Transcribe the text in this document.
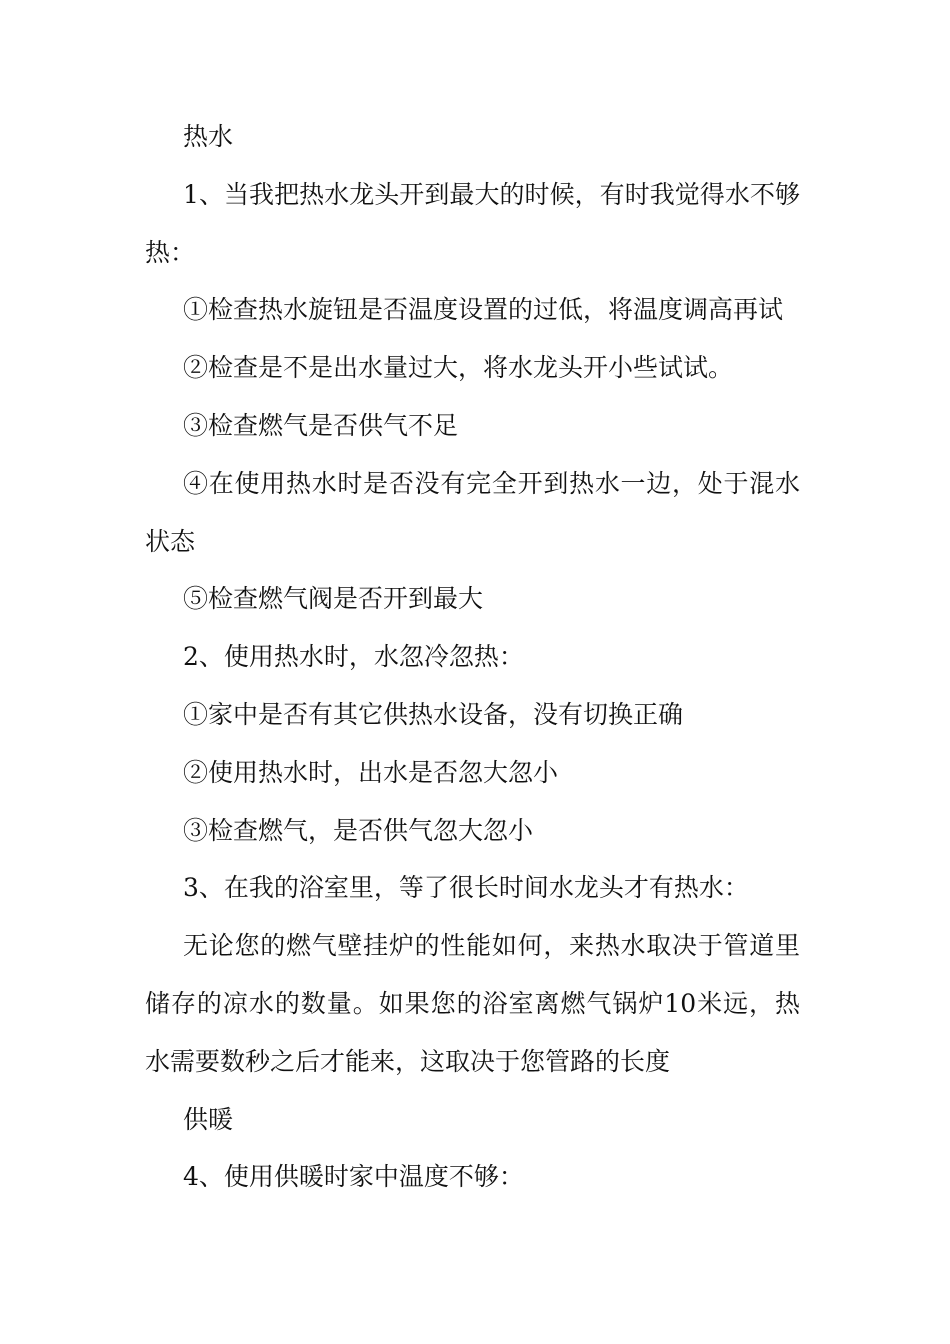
热水

1、当我把热水龙头开到最大的时候，有时我觉得水不够热：

①检查热水旋钮是否温度设置的过低，将温度调高再试

②检查是不是出水量过大，将水龙头开小些试试。

③检查燃气是否供气不足

④在使用热水时是否没有完全开到热水一边，处于混水状态

⑤检查燃气阀是否开到最大

2、使用热水时，水忽冷忽热：

①家中是否有其它供热水设备，没有切换正确

②使用热水时，出水是否忽大忽小

③检查燃气，是否供气忽大忽小

3、在我的浴室里，等了很长时间水龙头才有热水：

无论您的燃气壁挂炉的性能如何，来热水取决于管道里储存的凉水的数量。如果您的浴室离燃气锅炉10米远，热水需要数秒之后才能来，这取决于您管路的长度

供暖

4、使用供暖时家中温度不够：
